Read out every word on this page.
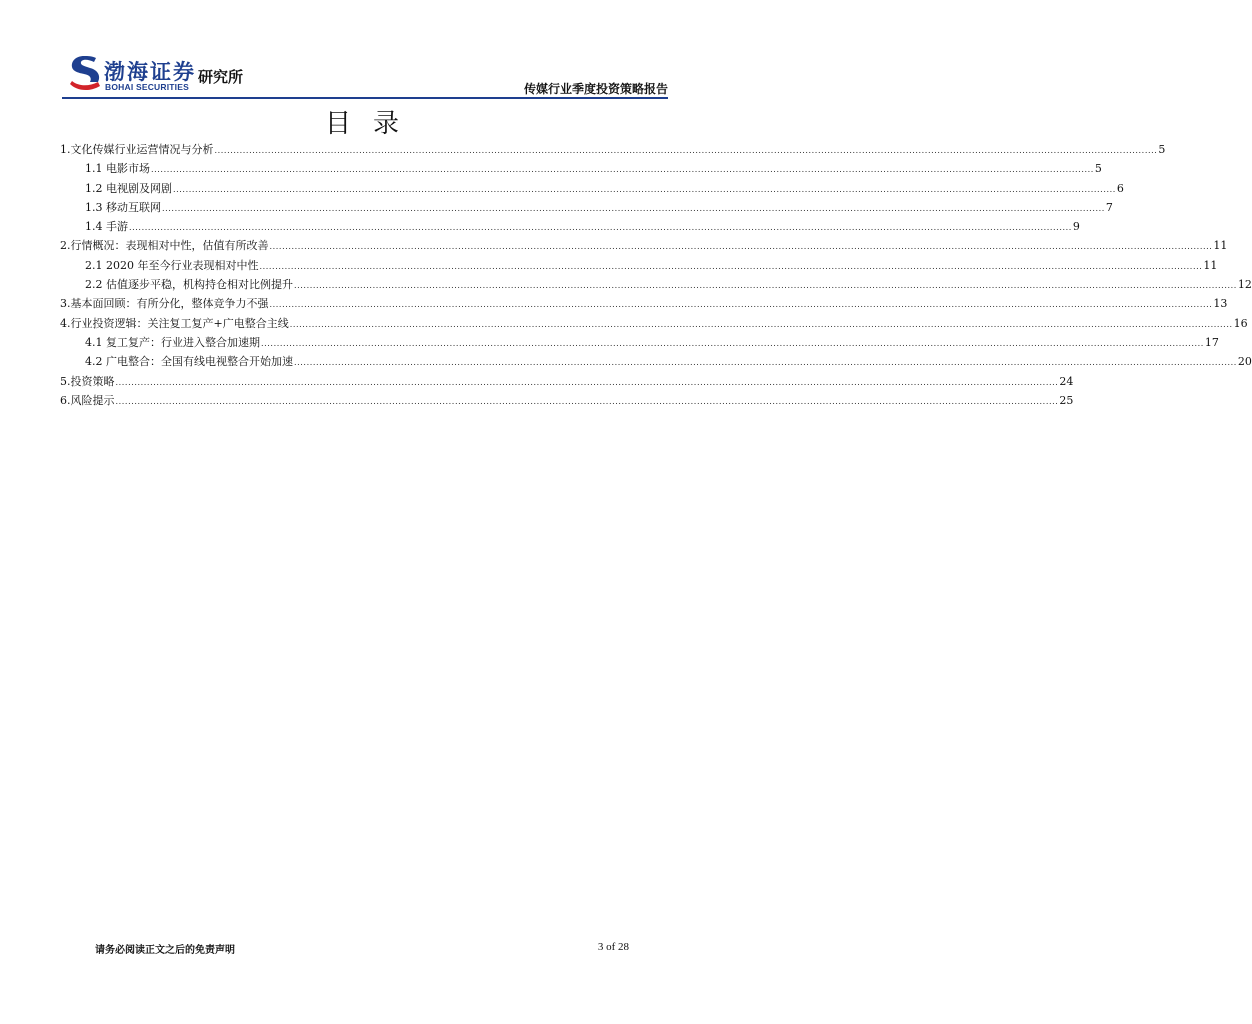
渤海证券
BOHAI SECURITIES
研究所
传媒行业季度投资策略报告
目录
1.文化传媒行业运营情况与分析 ............................................................................................................................................................................................................................................................................................................ 5
1.1 电影市场 ............................................................................................................................................................................................................................................................................................................ 5
1.2 电视剧及网剧 ............................................................................................................................................................................................................................................................................................................ 6
1.3 移动互联网 ............................................................................................................................................................................................................................................................................................................ 7
1.4 手游 ............................................................................................................................................................................................................................................................................................................ 9
2.行情概况：表现相对中性，估值有所改善 ............................................................................................................................................................................................................................................................................................................ 11
2.1 2020 年至今行业表现相对中性 ............................................................................................................................................................................................................................................................................................................ 11
2.2 估值逐步平稳，机构持仓相对比例提升 ............................................................................................................................................................................................................................................................................................................ 12
3.基本面回顾：有所分化，整体竞争力不强 ............................................................................................................................................................................................................................................................................................................ 13
4.行业投资逻辑：关注复工复产+广电整合主线 ............................................................................................................................................................................................................................................................................................................ 16
4.1 复工复产：行业进入整合加速期 ............................................................................................................................................................................................................................................................................................................ 17
4.2 广电整合：全国有线电视整合开始加速 ............................................................................................................................................................................................................................................................................................................ 20
5.投资策略 ............................................................................................................................................................................................................................................................................................................ 24
6.风险提示 ............................................................................................................................................................................................................................................................................................................ 25
请务必阅读正文之后的免责声明	3 of 28
